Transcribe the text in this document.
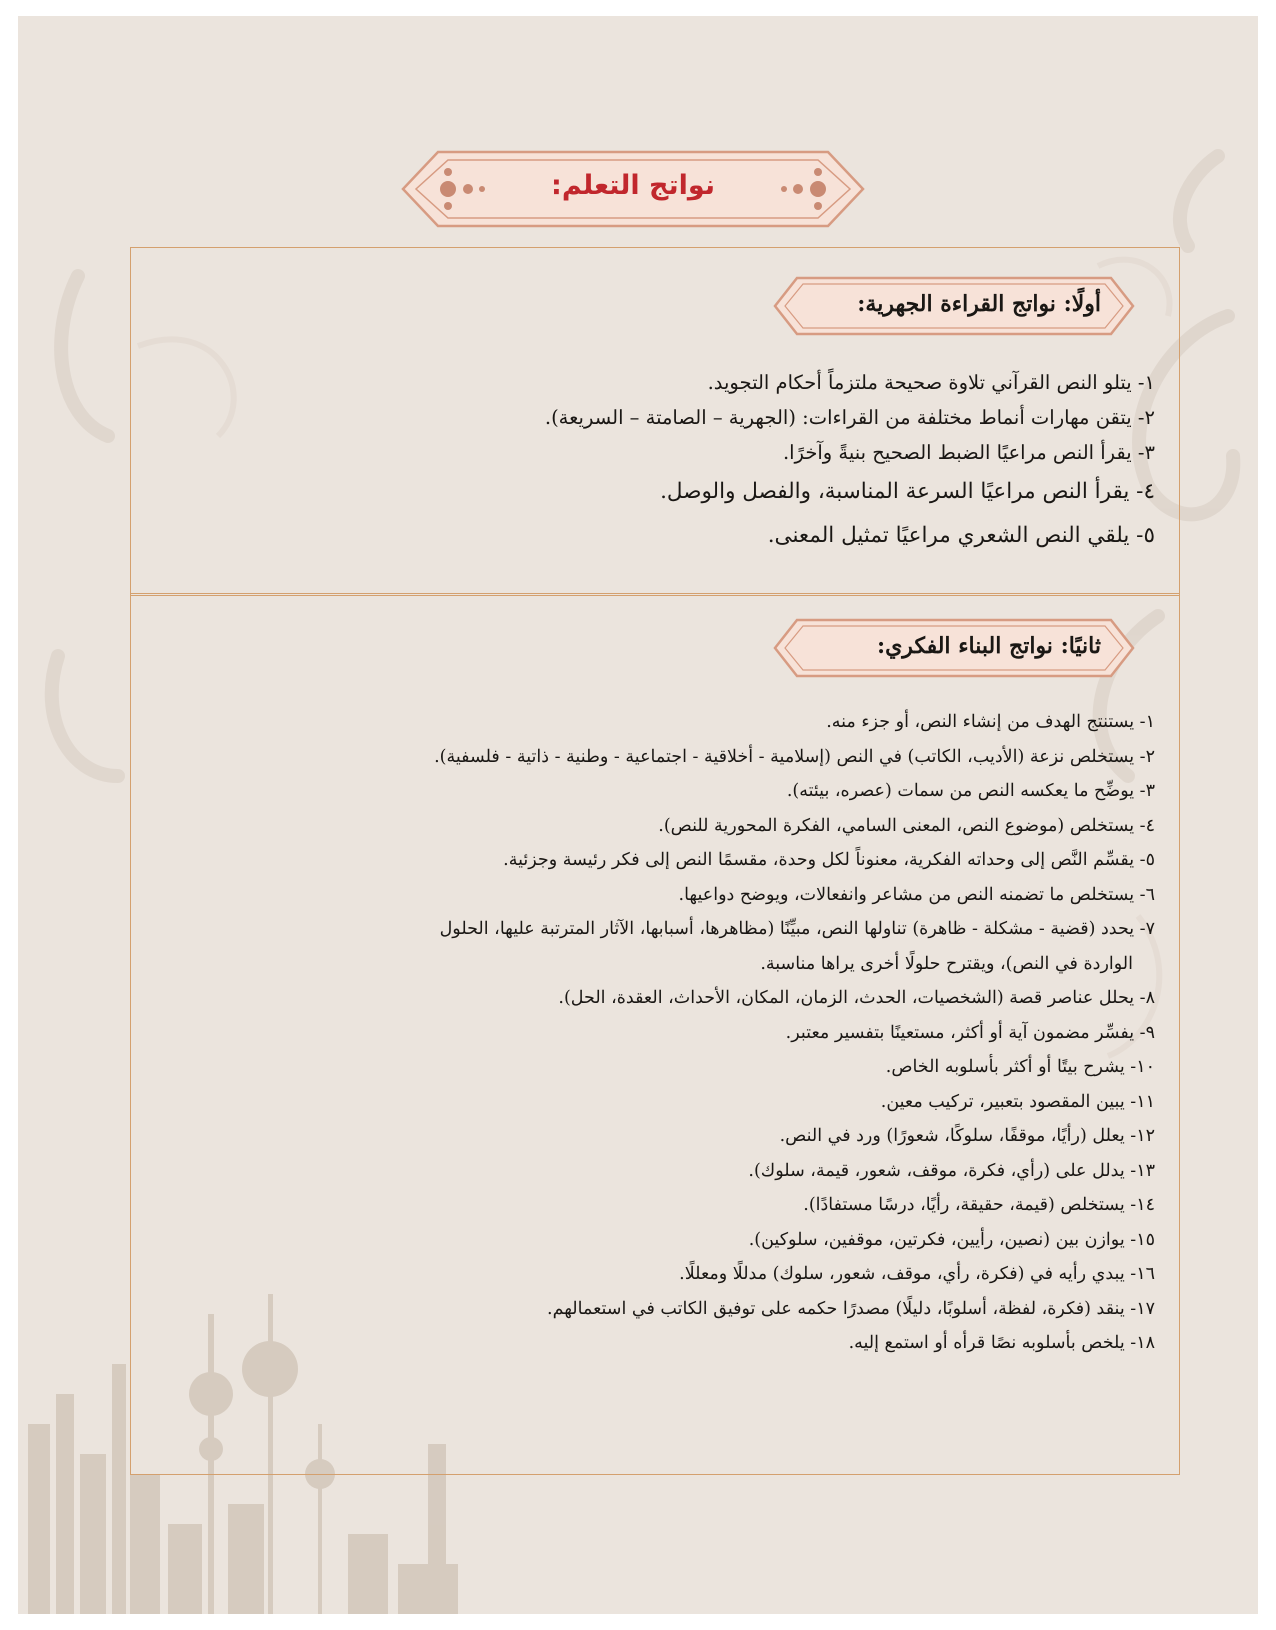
نواتج التعلم:
أولًا: نواتج القراءة الجهرية:
١- يتلو النص القرآني تلاوة صحيحة ملتزماً أحكام التجويد.
٢- يتقن مهارات أنماط مختلفة من القراءات: (الجهرية – الصامتة – السريعة).
٣- يقرأ النص مراعيًا الضبط الصحيح بنيةً وآخرًا.
٤- يقرأ النص مراعيًا السرعة المناسبة، والفصل والوصل.
٥- يلقي النص الشعري مراعيًا تمثيل المعنى.
ثانيًا: نواتج البناء الفكري:
١- يستنتج الهدف من إنشاء النص، أو جزء منه.
٢- يستخلص نزعة (الأديب، الكاتب) في النص (إسلامية - أخلاقية - اجتماعية - وطنية - ذاتية - فلسفية).
٣- يوضِّح ما يعكسه النص من سمات (عصره، بيئته).
٤- يستخلص (موضوع النص، المعنى السامي، الفكرة المحورية للنص).
٥- يقسِّم النَّص إلى وحداته الفكرية، معنوناً لكل وحدة، مقسمًا النص إلى فكر رئيسة وجزئية.
٦- يستخلص ما تضمنه النص من مشاعر وانفعالات، ويوضح دواعيها.
٧- يحدد (قضية - مشكلة - ظاهرة) تناولها النص، مبيِّنًا (مظاهرها، أسبابها، الآثار المترتبة عليها، الحلول
الواردة في النص)، ويقترح حلولًا أخرى يراها مناسبة.
٨- يحلل عناصر قصة (الشخصيات، الحدث، الزمان، المكان، الأحداث، العقدة، الحل).
٩- يفسِّر مضمون آية أو أكثر، مستعينًا بتفسير معتبر.
١٠- يشرح بيتًا أو أكثر بأسلوبه الخاص.
١١- يبين المقصود بتعبير، تركيب معين.
١٢- يعلل (رأيًا، موقفًا، سلوكًا، شعورًا) ورد في النص.
١٣- يدلل على (رأي، فكرة، موقف، شعور، قيمة، سلوك).
١٤- يستخلص (قيمة، حقيقة، رأيًا، درسًا مستفادًا).
١٥- يوازن بين (نصين، رأيين، فكرتين، موقفين، سلوكين).
١٦- يبدي رأيه في (فكرة، رأي، موقف، شعور، سلوك) مدللًا ومعللًا.
١٧- ينقد (فكرة، لفظة، أسلوبًا، دليلًا) مصدرًا حكمه على توفيق الكاتب في استعمالهم.
١٨- يلخص بأسلوبه نصًا قرأه أو استمع إليه.
